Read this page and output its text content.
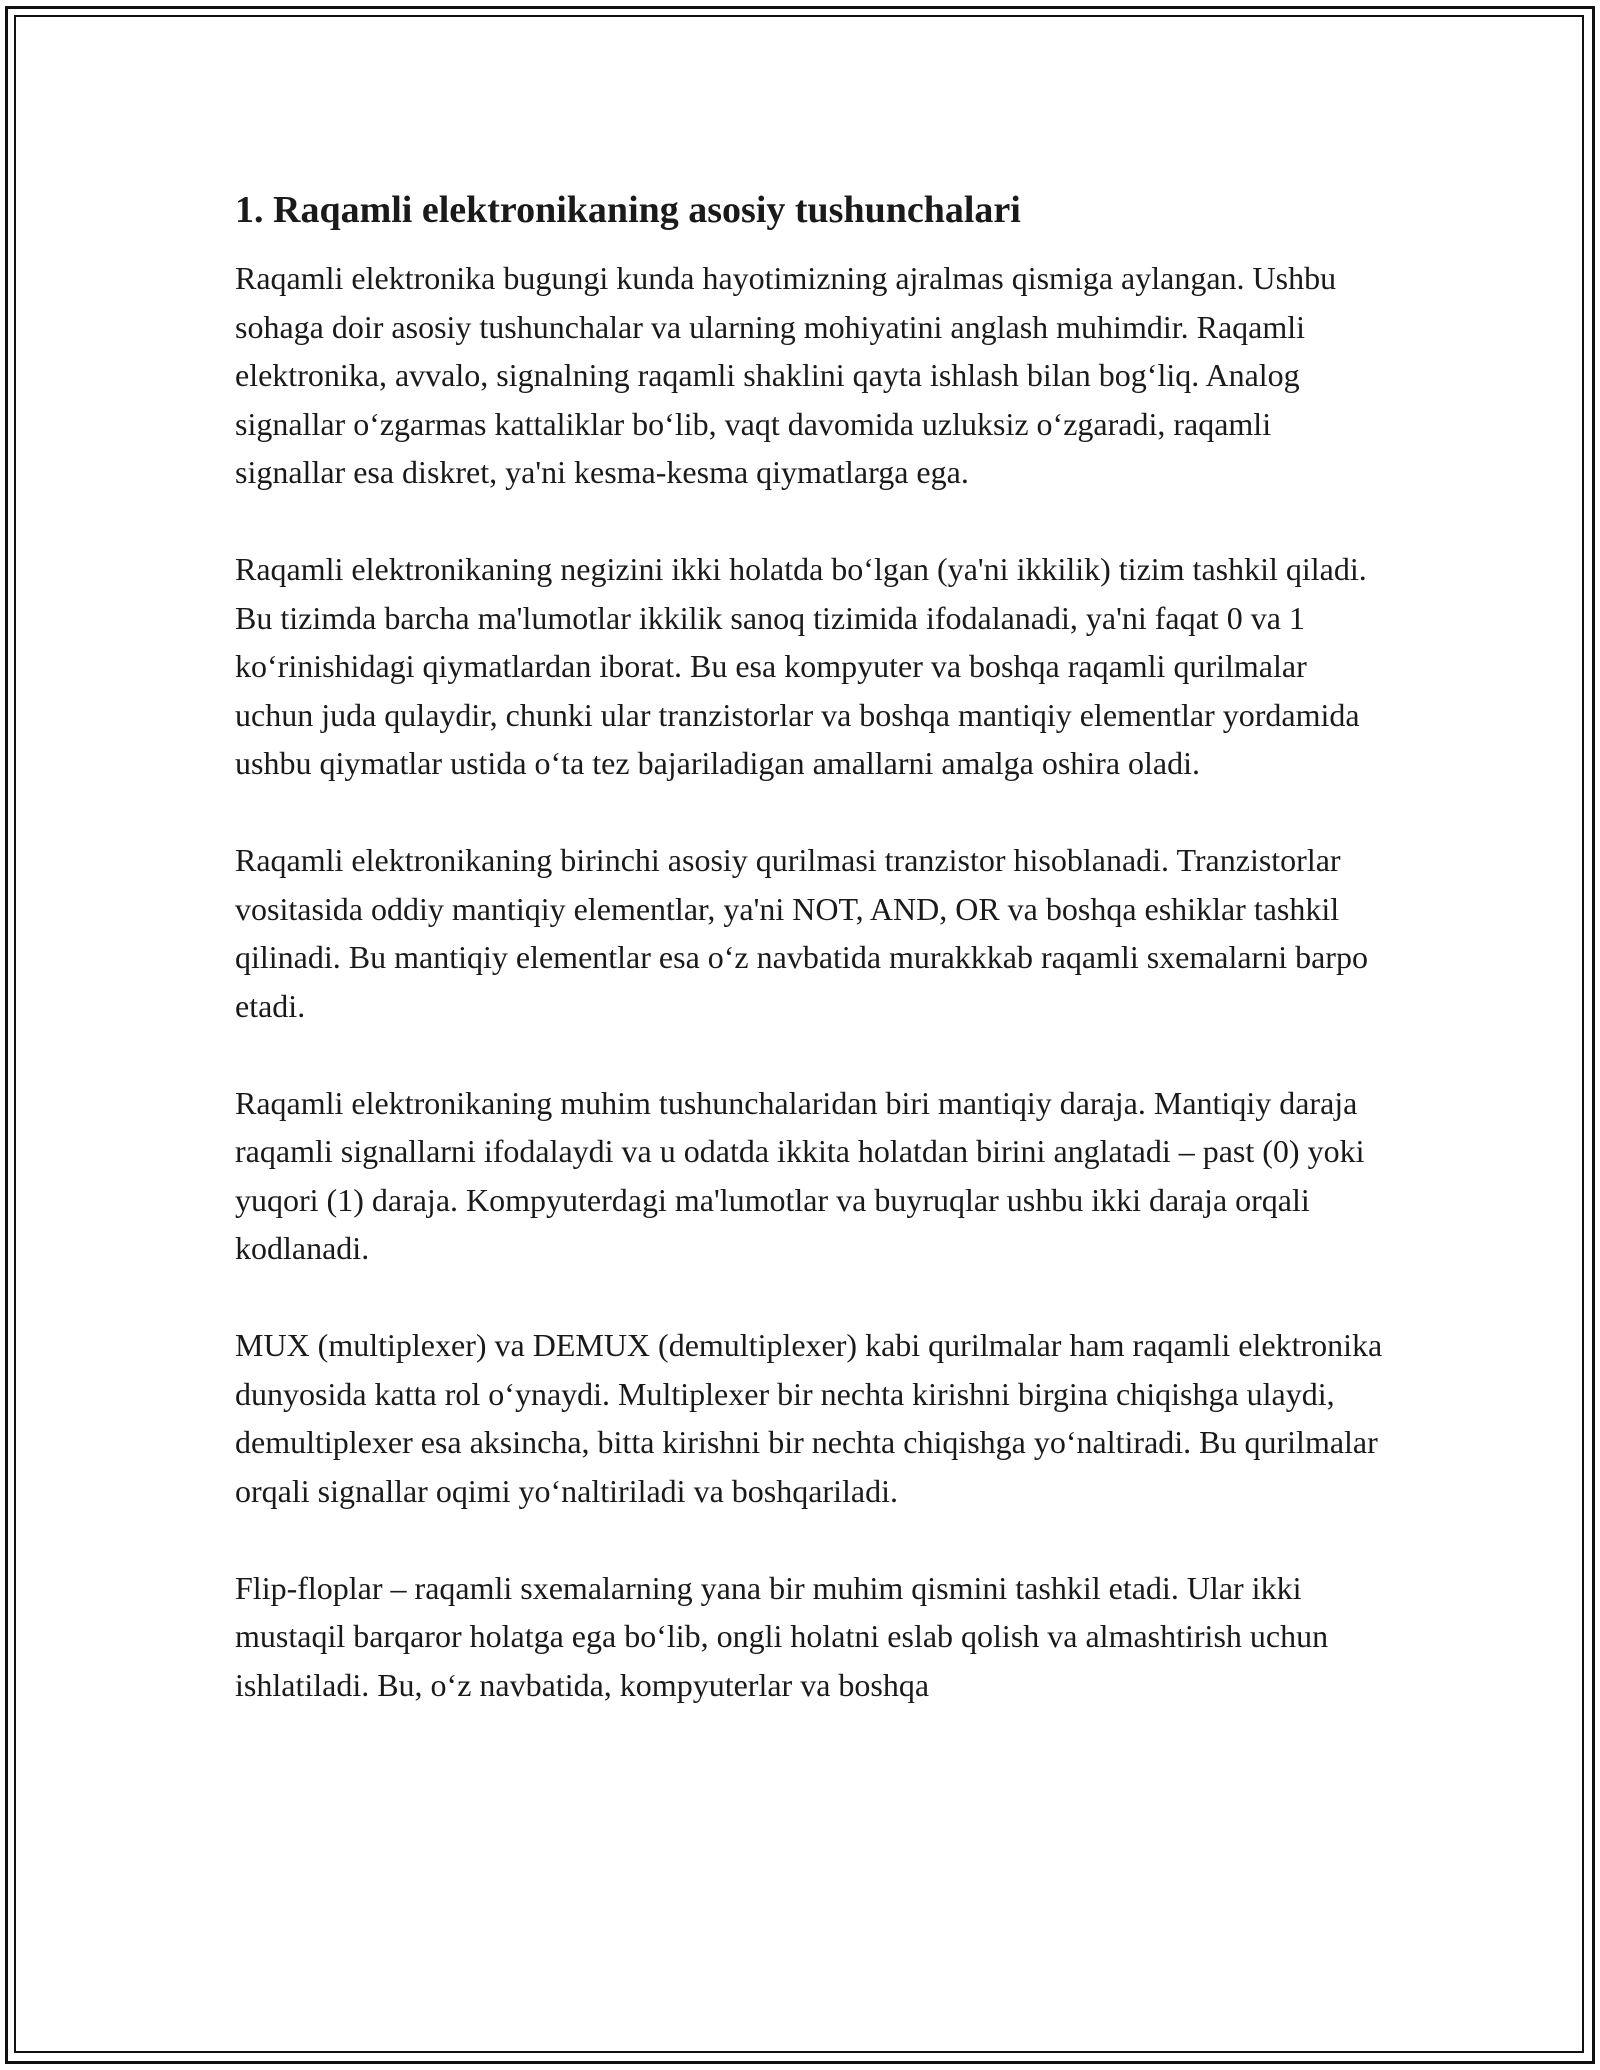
1. Raqamli elektronikaning asosiy tushunchalari

Raqamli elektronika bugungi kunda hayotimizning ajralmas qismiga aylangan. Ushbu sohaga doir asosiy tushunchalar va ularning mohiyatini anglash muhimdir. Raqamli elektronika, avvalo, signalning raqamli shaklini qayta ishlash bilan bog‘liq. Analog signallar o‘zgarmas kattaliklar bo‘lib, vaqt davomida uzluksiz o‘zgaradi, raqamli signallar esa diskret, ya'ni kesma-kesma qiymatlarga ega.

Raqamli elektronikaning negizini ikki holatda bo‘lgan (ya'ni ikkilik) tizim tashkil qiladi. Bu tizimda barcha ma'lumotlar ikkilik sanoq tizimida ifodalanadi, ya'ni faqat 0 va 1 ko‘rinishidagi qiymatlardan iborat. Bu esa kompyuter va boshqa raqamli qurilmalar uchun juda qulaydir, chunki ular tranzistorlar va boshqa mantiqiy elementlar yordamida ushbu qiymatlar ustida o‘ta tez bajariladigan amallarni amalga oshira oladi.

Raqamli elektronikaning birinchi asosiy qurilmasi tranzistor hisoblanadi. Tranzistorlar vositasida oddiy mantiqiy elementlar, ya'ni NOT, AND, OR va boshqa eshiklar tashkil qilinadi. Bu mantiqiy elementlar esa o‘z navbatida murakkkab raqamli sxemalarni barpo etadi.

Raqamli elektronikaning muhim tushunchalaridan biri mantiqiy daraja. Mantiqiy daraja raqamli signallarni ifodalaydi va u odatda ikkita holatdan birini anglatadi – past (0) yoki yuqori (1) daraja. Kompyuterdagi ma'lumotlar va buyruqlar ushbu ikki daraja orqali kodlanadi.

MUX (multiplexer) va DEMUX (demultiplexer) kabi qurilmalar ham raqamli elektronika dunyosida katta rol o‘ynaydi. Multiplexer bir nechta kirishni birgina chiqishga ulaydi, demultiplexer esa aksincha, bitta kirishni bir nechta chiqishga yo‘naltiradi. Bu qurilmalar orqali signallar oqimi yo‘naltiriladi va boshqariladi.

Flip-floplar – raqamli sxemalarning yana bir muhim qismini tashkil etadi. Ular ikki mustaqil barqaror holatga ega bo‘lib, ongli holatni eslab qolish va almashtirish uchun ishlatiladi. Bu, o‘z navbatida, kompyuterlar va boshqa
